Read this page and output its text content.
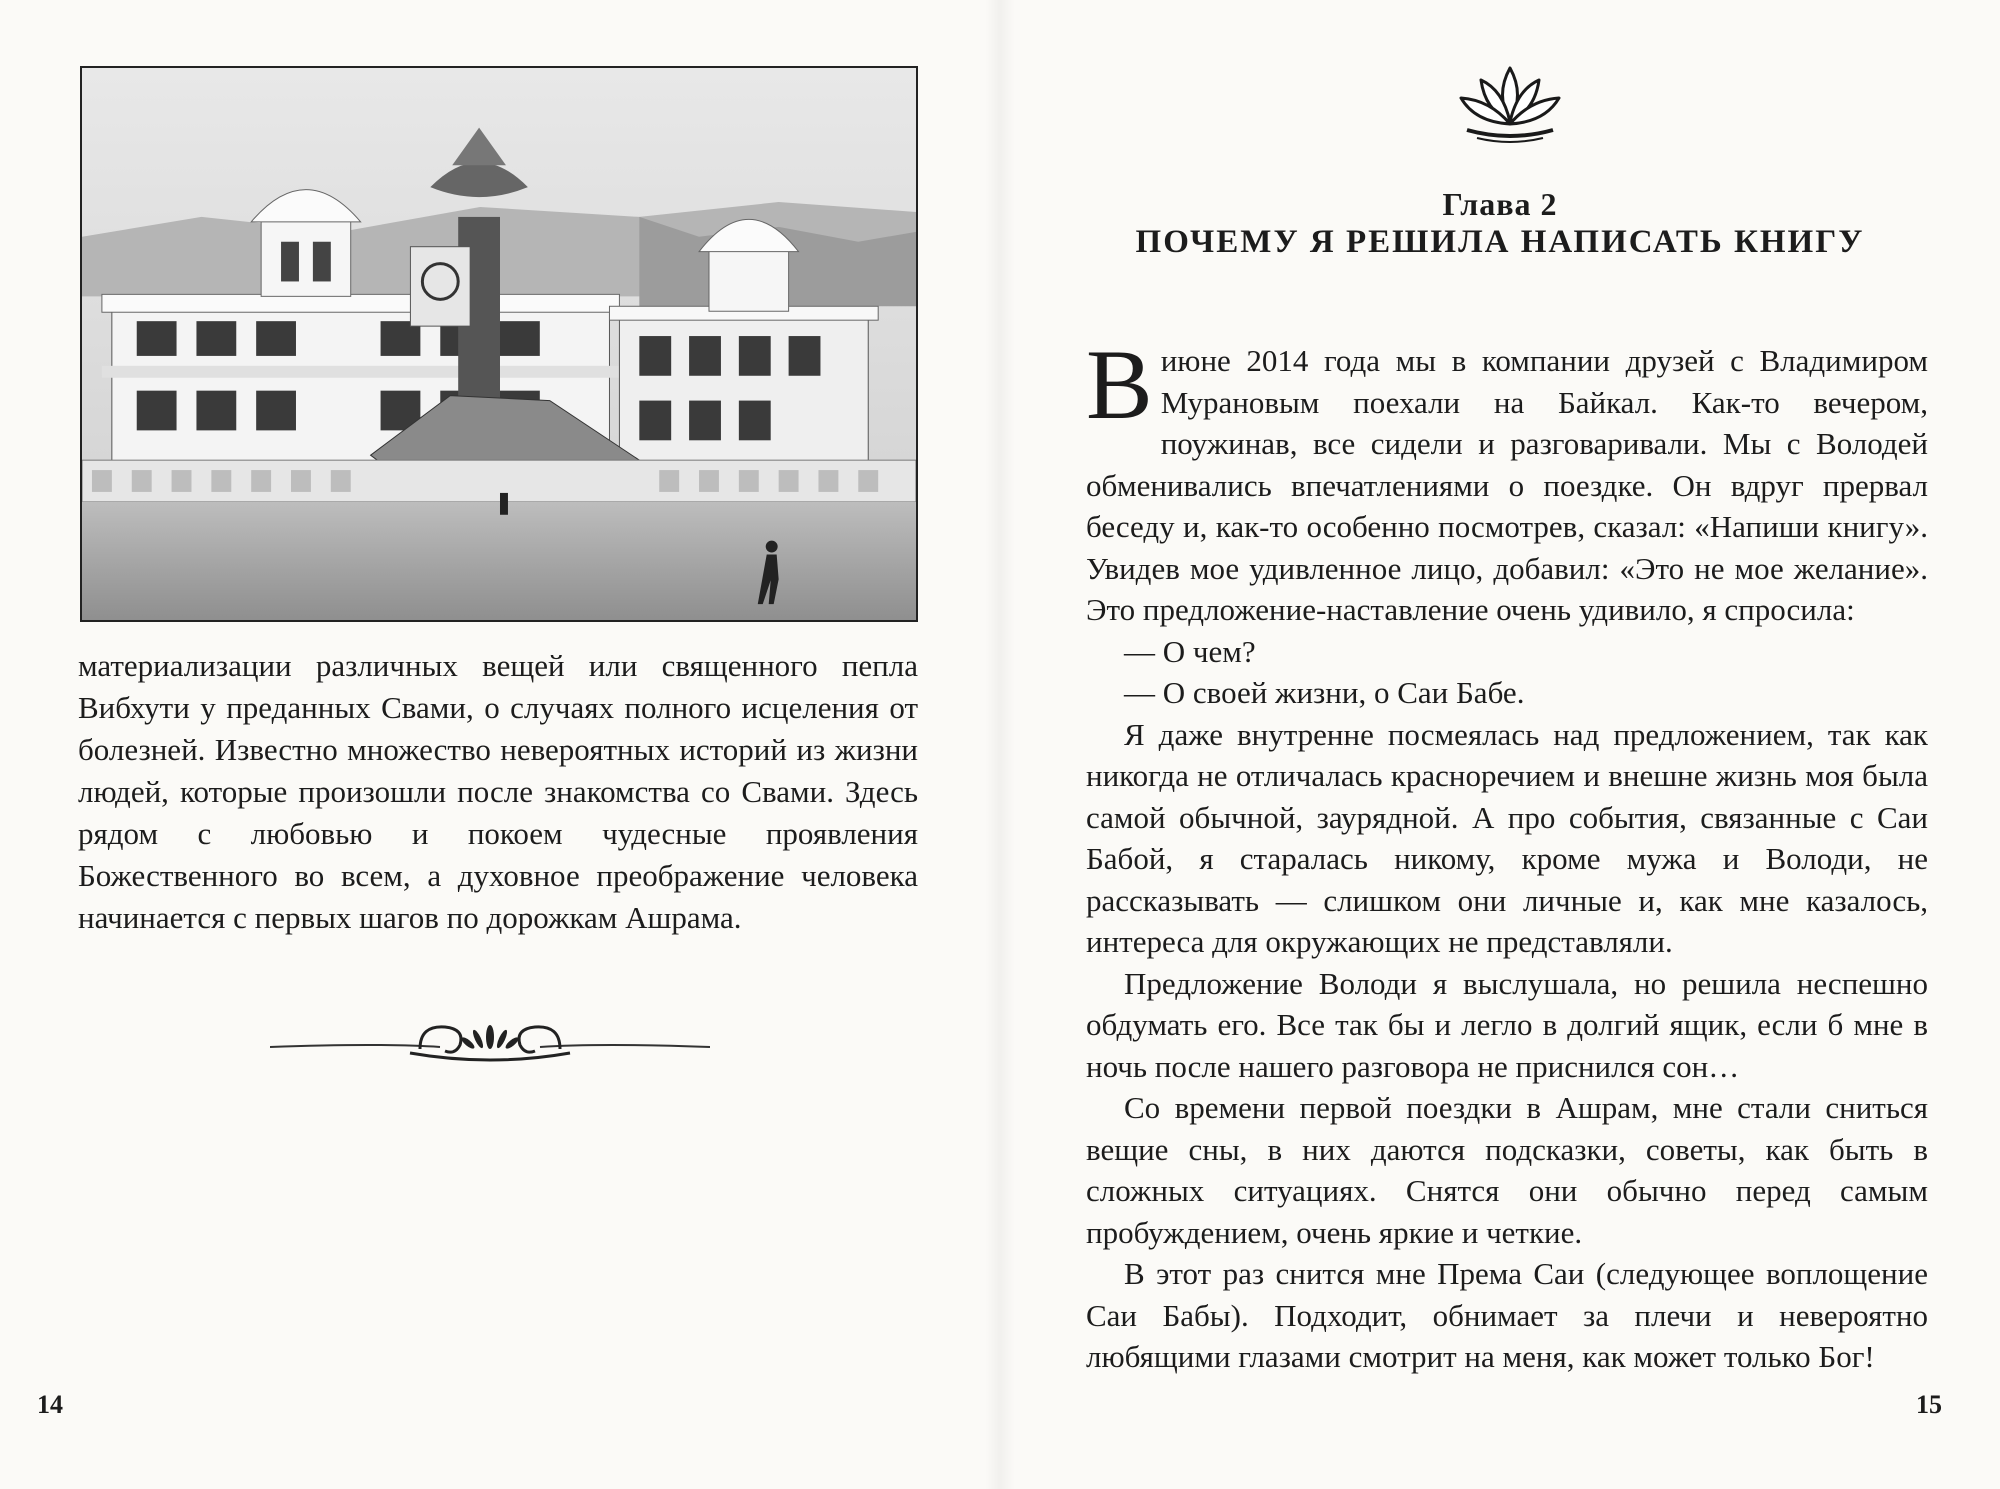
материализации различных вещей или священного пепла Вибхути у преданных Свами, о случаях полного исцеления от болезней. Известно множество невероятных историй из жизни людей, которые произошли после знакомства со Свами. Здесь рядом с любовью и покоем чудесные проявления Божественного во всем, а духовное преображение человека начинается с первых шагов по дорожкам Ашрама.

14
Глава 2
ПОЧЕМУ Я РЕШИЛА НАПИСАТЬ КНИГУ

В июне 2014 года мы в компании друзей с Владимиром Мурановым поехали на Байкал. Как-то вечером, поужинав, все сидели и разговаривали. Мы с Володей обменивались впечатлениями о поездке. Он вдруг прервал беседу и, как-то особенно посмотрев, сказал: «Напиши книгу». Увидев мое удивленное лицо, добавил: «Это не мое желание». Это предложение-наставление очень удивило, я спросила:

— О чем?

— О своей жизни, о Саи Бабе.

Я даже внутренне посмеялась над предложением, так как никогда не отличалась красноречием и внешне жизнь моя была самой обычной, заурядной. А про события, связанные с Саи Бабой, я старалась никому, кроме мужа и Володи, не рассказывать — слишком они личные и, как мне казалось, интереса для окружающих не представляли.

Предложение Володи я выслушала, но решила неспешно обдумать его. Все так бы и легло в долгий ящик, если б мне в ночь после нашего разговора не приснился сон…

Со времени первой поездки в Ашрам, мне стали сниться вещие сны, в них даются подсказки, советы, как быть в сложных ситуациях. Снятся они обычно перед самым пробуждением, очень яркие и четкие.

В этот раз снится мне Према Саи (следующее воплощение Саи Бабы). Подходит, обнимает за плечи и невероятно любящими глазами смотрит на меня, как может только Бог!

15
